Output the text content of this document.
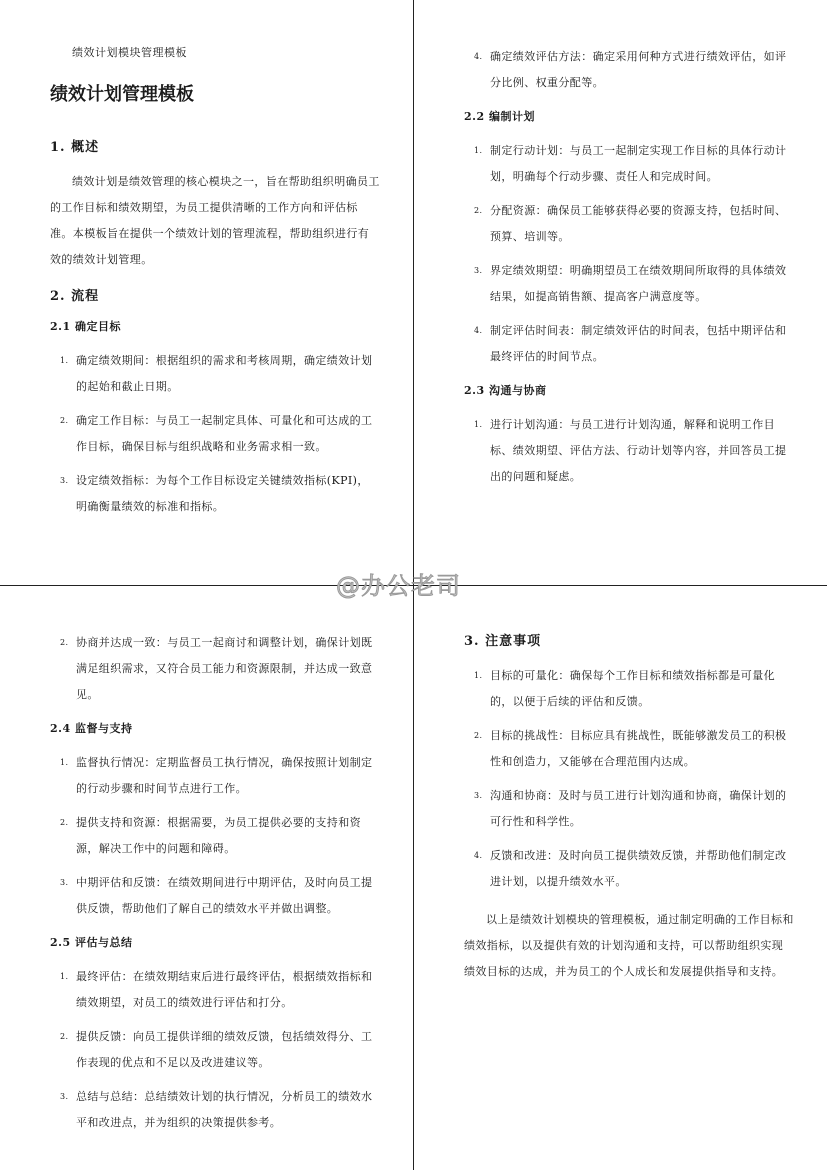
绩效计划模块管理模板
绩效计划管理模板
1. 概述

绩效计划是绩效管理的核心模块之一，旨在帮助组织明确员工的工作目标和绩效期望，为员工提供清晰的工作方向和评估标准。本模板旨在提供一个绩效计划的管理流程，帮助组织进行有效的绩效计划管理。

2. 流程
2.1 确定目标
1. 确定绩效期间：根据组织的需求和考核周期，确定绩效计划的起始和截止日期。
2. 确定工作目标：与员工一起制定具体、可量化和可达成的工作目标，确保目标与组织战略和业务需求相一致。
3. 设定绩效指标：为每个工作目标设定关键绩效指标(KPI)，明确衡量绩效的标准和指标。
4. 确定绩效评估方法：确定采用何种方式进行绩效评估，如评分比例、权重分配等。
2.2 编制计划
1. 制定行动计划：与员工一起制定实现工作目标的具体行动计划，明确每个行动步骤、责任人和完成时间。
2. 分配资源：确保员工能够获得必要的资源支持，包括时间、预算、培训等。
3. 界定绩效期望：明确期望员工在绩效期间所取得的具体绩效结果，如提高销售额、提高客户满意度等。
4. 制定评估时间表：制定绩效评估的时间表，包括中期评估和最终评估的时间节点。
2.3 沟通与协商
1. 进行计划沟通：与员工进行计划沟通，解释和说明工作目标、绩效期望、评估方法、行动计划等内容，并回答员工提出的问题和疑虑。
2. 协商并达成一致：与员工一起商讨和调整计划，确保计划既满足组织需求，又符合员工能力和资源限制，并达成一致意见。
2.4 监督与支持
1. 监督执行情况：定期监督员工执行情况，确保按照计划制定的行动步骤和时间节点进行工作。
2. 提供支持和资源：根据需要，为员工提供必要的支持和资源，解决工作中的问题和障碍。
3. 中期评估和反馈：在绩效期间进行中期评估，及时向员工提供反馈，帮助他们了解自己的绩效水平并做出调整。
2.5 评估与总结
1. 最终评估：在绩效期结束后进行最终评估，根据绩效指标和绩效期望，对员工的绩效进行评估和打分。
2. 提供反馈：向员工提供详细的绩效反馈，包括绩效得分、工作表现的优点和不足以及改进建议等。
3. 总结与总结：总结绩效计划的执行情况，分析员工的绩效水平和改进点，并为组织的决策提供参考。
3. 注意事项
1. 目标的可量化：确保每个工作目标和绩效指标都是可量化的，以便于后续的评估和反馈。
2. 目标的挑战性：目标应具有挑战性，既能够激发员工的积极性和创造力，又能够在合理范围内达成。
3. 沟通和协商：及时与员工进行计划沟通和协商，确保计划的可行性和科学性。
4. 反馈和改进：及时向员工提供绩效反馈，并帮助他们制定改进计划，以提升绩效水平。

以上是绩效计划模块的管理模板，通过制定明确的工作目标和绩效指标，以及提供有效的计划沟通和支持，可以帮助组织实现绩效目标的达成，并为员工的个人成长和发展提供指导和支持。

@办公老司
